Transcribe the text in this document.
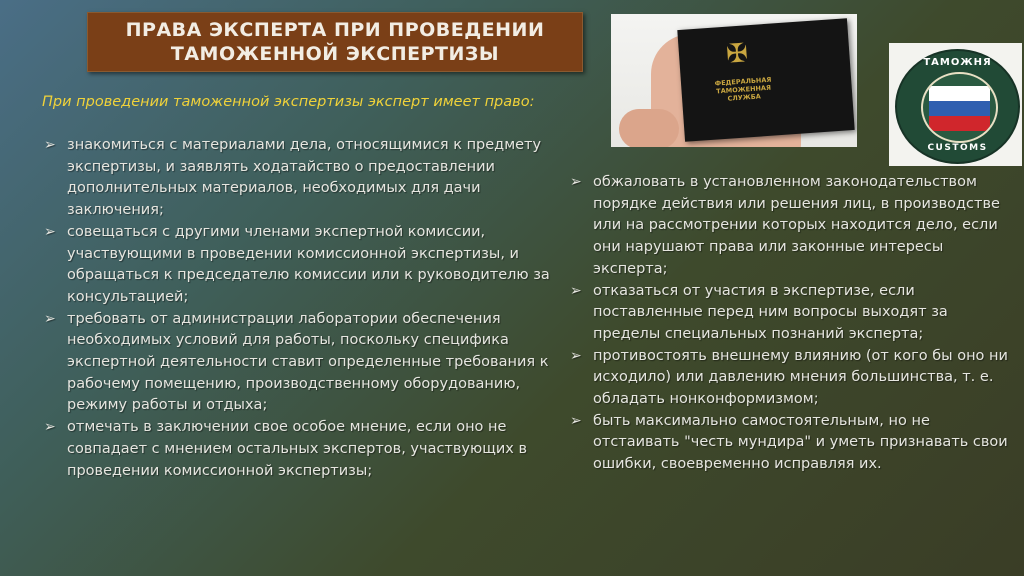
ПРАВА ЭКСПЕРТА ПРИ ПРОВЕДЕНИИ
ТАМОЖЕННОЙ ЭКСПЕРТИЗЫ
При проведении таможенной экспертизы эксперт имеет право:
➢ знакомиться с материалами дела, относящимися к предмету экспертизы, и заявлять ходатайство о предоставлении дополнительных материалов, необходимых для дачи заключения;
➢ совещаться с другими членами экспертной комиссии, участвующими в проведении комиссионной экспертизы, и обращаться к председателю комиссии или к руководителю за консультацией;
➢ требовать от администрации лаборатории обеспечения необходимых условий для работы, поскольку специфика экспертной деятельности ставит определенные требования к рабочему помещению, производственному оборудованию, режиму работы и отдыха;
➢ отмечать в заключении свое особое мнение, если оно не совпадает с мнением остальных экспертов, участвующих в проведении комиссионной экспертизы;
➢ обжаловать в установленном законодательством порядке действия или решения лиц, в производстве или на рассмотрении которых находится дело, если они нарушают права или законные интересы эксперта;
➢ отказаться от участия в экспертизе, если поставленные перед ним вопросы выходят за пределы специальных познаний эксперта;
➢ противостоять внешнему влиянию (от кого бы оно ни исходило) или давлению мнения большинства, т. е. обладать нонконформизмом;
➢ быть максимально самостоятельным, но не отстаивать "честь мундира" и уметь признавать свои ошибки, своевременно исправляя их.
✠
ФЕДЕРАЛЬНАЯ ТАМОЖЕННАЯ СЛУЖБА
ТАМОЖНЯ
CUSTOMS
